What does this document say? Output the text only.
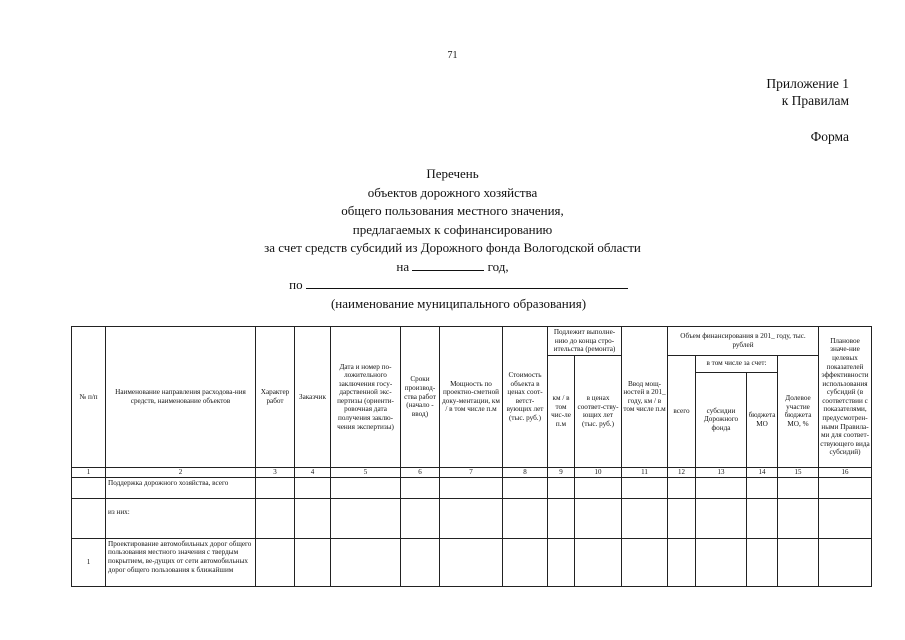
71
Приложение 1
к Правилам
Форма
Перечень
объектов дорожного хозяйства
общего пользования местного значения,
предлагаемых к софинансированию
за счет средств субсидий из Дорожного фонда Вологодской области
на	год,
по
(наименование муниципального образования)
№ п/п	Наименование направления расходова-ния средств, наименование объектов	Характер работ	Заказчик	Дата и номер по-ложительного заключения госу-дарственной экс-пертизы (ориенти-ровочная дата получения заклю-чения экспертизы)	Сроки производ-ства работ (начало - ввод)	Мощность по проектно-сметной доку-ментации, км / в том числе п.м	Стоимость объекта в ценах соот-ветст-вующих лет (тыс. руб.)	Подлежит выполне-нию до конца стро-ительства (ремонта)		Ввод мощ-ностей в 201_ году, км / в том числе п.м	Объем финансирования в 201_ году, тыс. рублей				Плановое значе-ние целевых показателей эффективности использования субсидий (в соответствии с показателями, предусмотрен-ными Правила-ми для соответ-ствующего вида субсидий)
								км / в том чис-ле п.м	в ценах соответ-ству-ющих лет (тыс. руб.)		всего	в том числе за счет:		Долевое участие бюджета МО, %	
												субсидии Дорожного фонда	бюджета МО		
1	2	3	4	5	6	7	8	9	10	11	12	13	14	15	16
	Поддержка дорожного хозяйства, всего														
	из них:														
1	Проектирование автомобильных дорог общего пользования местного значения с твердым покрытием, ве-дущих от сети автомобильных дорог общего пользования к ближайшим														
